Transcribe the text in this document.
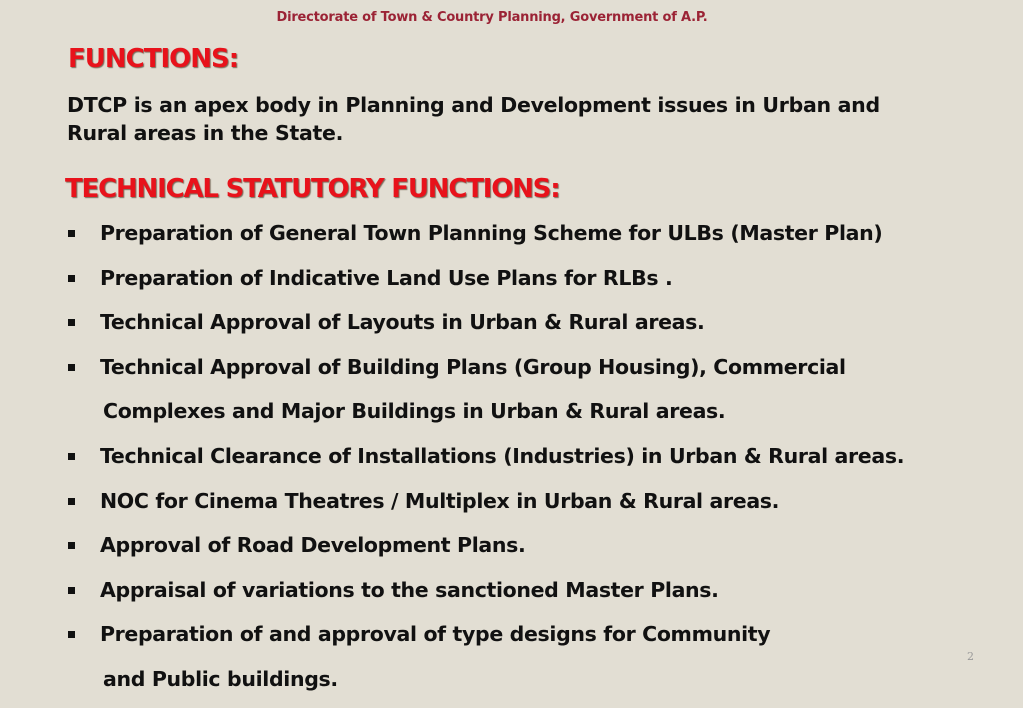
Directorate of Town & Country Planning, Government of A.P.
FUNCTIONS:
DTCP is an apex body in Planning and Development issues in Urban and
Rural areas in the State.
TECHNICAL STATUTORY FUNCTIONS:
Preparation of General Town Planning Scheme for ULBs (Master Plan)
Preparation of Indicative Land Use Plans for RLBs .
Technical Approval of Layouts in Urban & Rural areas.
Technical Approval of Building Plans (Group Housing), Commercial
Complexes and Major Buildings in Urban & Rural areas.
Technical Clearance of Installations (Industries) in Urban & Rural areas.
NOC for Cinema Theatres / Multiplex in Urban & Rural areas.
Approval of Road Development Plans.
Appraisal of variations to the sanctioned Master Plans.
Preparation of and approval of type designs for Community
and Public buildings.
2
